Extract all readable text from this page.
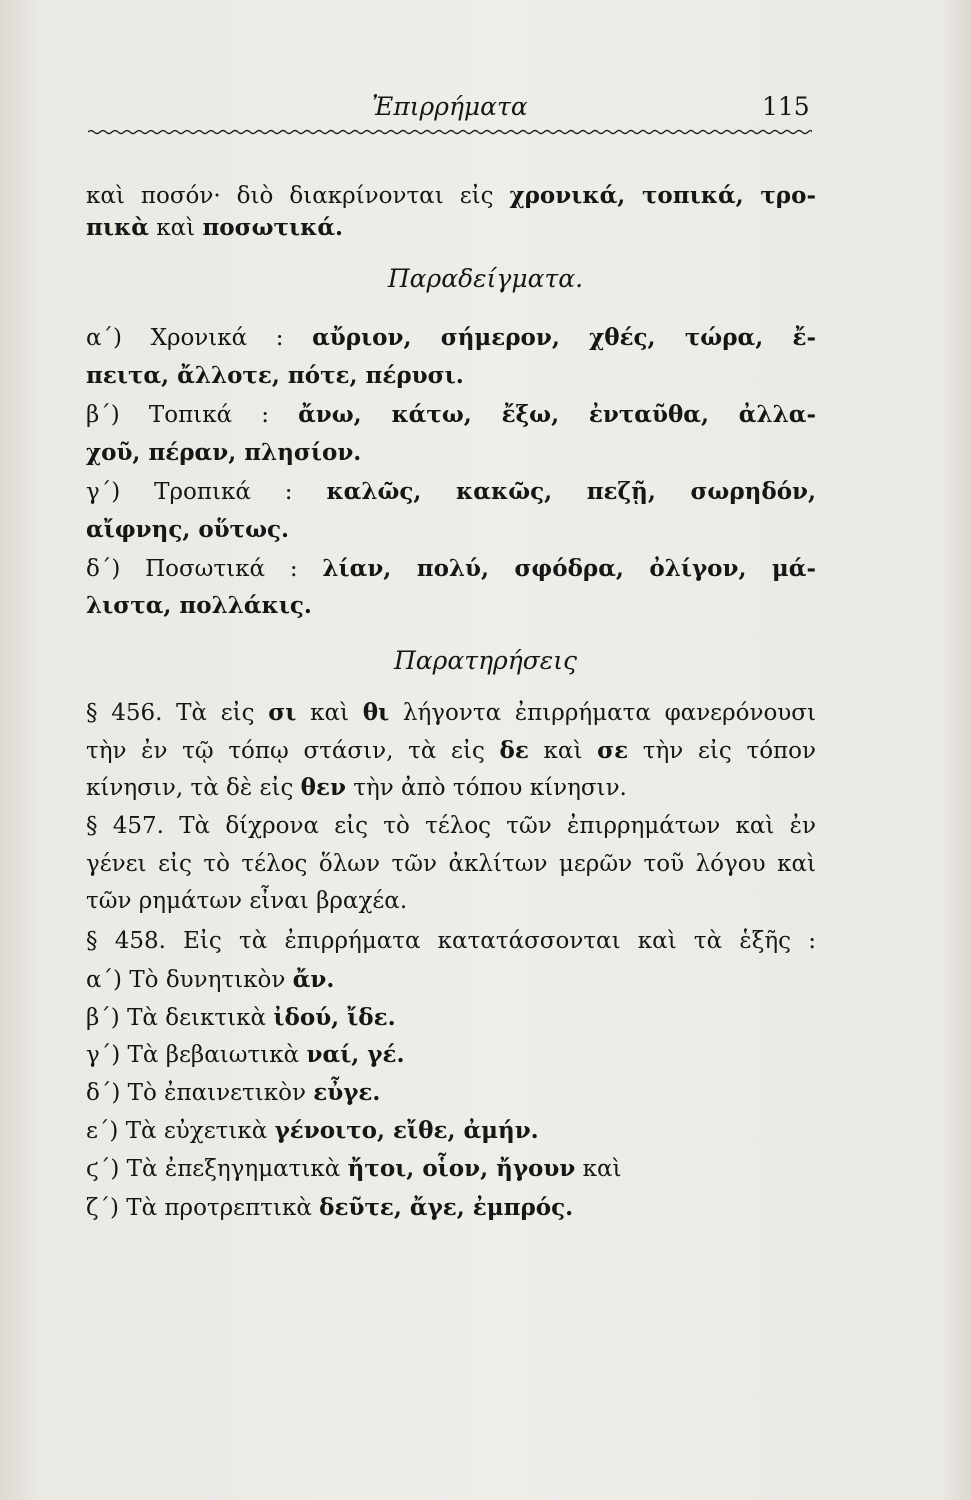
Ἐπιρρήματα	115
καὶ ποσόν· διὸ διακρίνονται εἰς χρονικά, τοπικά, τρο-
πικὰ καὶ ποσωτικά.
Παραδείγματα.
α΄) Χρονικά : αὔριον, σήμερον, χθές, τώρα, ἔ-
πειτα, ἄλλοτε, πότε, πέρυσι.
β΄) Τοπικά : ἄνω, κάτω, ἔξω, ἐνταῦθα, ἀλλα-
χοῦ, πέραν, πλησίον.
γ΄) Τροπικά : καλῶς, κακῶς, πεζῇ, σωρηδόν,
αἴφνης, οὕτως.
δ΄) Ποσωτικά : λίαν, πολύ, σφόδρα, ὀλίγον, μά-
λιστα, πολλάκις.
Παρατηρήσεις
§ 456. Τὰ εἰς σι καὶ θι λήγοντα ἐπιρρήματα φανερόνουσι
τὴν ἐν τῷ τόπῳ στάσιν, τὰ εἰς δε καὶ σε τὴν εἰς τόπον
κίνησιν, τὰ δὲ εἰς θεν τὴν ἀπὸ τόπου κίνησιν.
§ 457. Τὰ δίχρονα εἰς τὸ τέλος τῶν ἐπιρρημάτων καὶ ἐν
γένει εἰς τὸ τέλος ὅλων τῶν ἀκλίτων μερῶν τοῦ λόγου καὶ
τῶν ρημάτων εἶναι βραχέα.
§ 458. Εἰς τὰ ἐπιρρήματα κατατάσσονται καὶ τὰ ἑξῆς :
α΄) Τὸ δυνητικὸν ἄν.
β΄) Τὰ δεικτικὰ ἰδού, ἴδε.
γ΄) Τὰ βεβαιωτικὰ ναί, γέ.
δ΄) Τὸ ἐπαινετικὸν εὖγε.
ε΄) Τὰ εὐχετικὰ γένοιτο, εἴθε, ἀμήν.
ϛ΄) Τὰ ἐπεξηγηματικὰ ἤτοι, οἷον, ἤγουν καὶ
ζ΄) Τὰ προτρεπτικὰ δεῦτε, ἄγε, ἐμπρός.
